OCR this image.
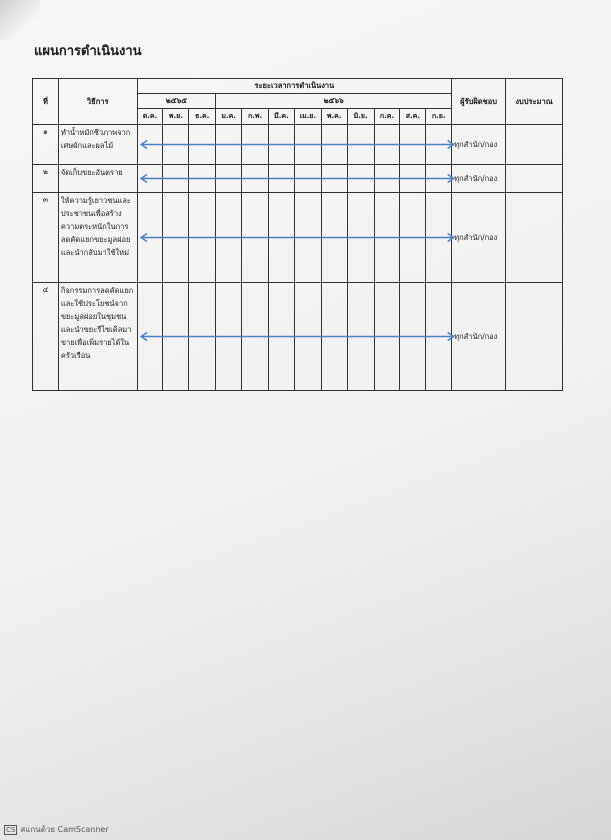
แผนการดำเนินงาน
ที่	วิธีการ	ระยะเวลาการดำเนินงาน												ผู้รับผิดชอบ	งบประมาณ
		๒๕๖๕			๒๕๖๖										
		ต.ค.	พ.ย.	ธ.ค.	ม.ค.	ก.พ.	มี.ค.	เม.ย.	พ.ค.	มิ.ย.	ก.ค.	ส.ค.	ก.ย.		
๑	ทำน้ำหมักชีวภาพจากเศษผักและผลไม้													ทุกสำนัก/กอง	
๒	จัดเก็บขยะอันตราย													ทุกสำนัก/กอง	
๓	ให้ความรู้เยาวชนและประชาชนเพื่อสร้างความตระหนักในการลดคัดแยกขยะมูลฝอยและนำกลับมาใช้ใหม่													ทุกสำนัก/กอง	
๔	กิจกรรมการลดคัดแยก และใช้ประโยชน์จากขยะมูลฝอยในชุมชนและนำขยะรีไซเคิลมาขายเพื่อเพิ่มรายได้ในครัวเรือน													ทุกสำนัก/กอง	
CS สแกนด้วย CamScanner
